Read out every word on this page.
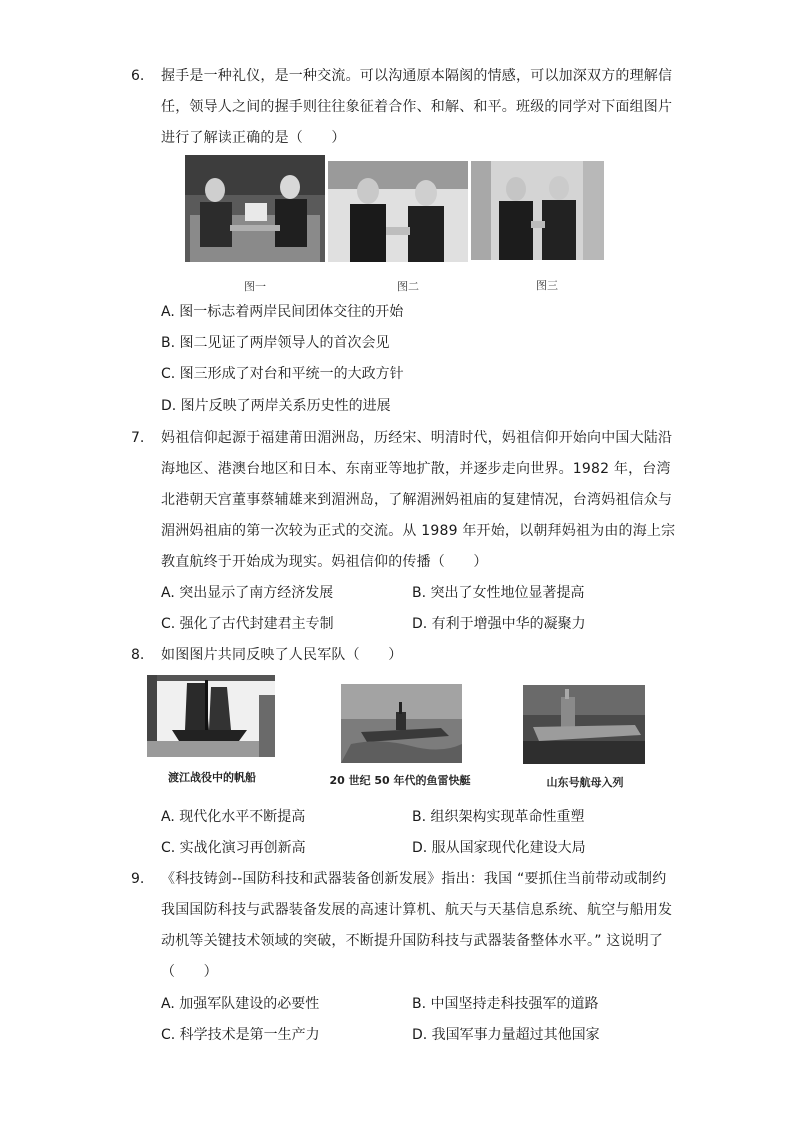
6. 握手是一种礼仪，是一种交流。可以沟通原本隔阂的情感，可以加深双方的理解信
任，领导人之间的握手则往往象征着合作、和解、和平。班级的同学对下面组图片
进行了解读正确的是（　　）
图一	图二	图三
A. 图一标志着两岸民间团体交往的开始
B. 图二见证了两岸领导人的首次会见
C. 图三形成了对台和平统一的大政方针
D. 图片反映了两岸关系历史性的进展
7. 妈祖信仰起源于福建莆田湄洲岛，历经宋、明清时代，妈祖信仰开始向中国大陆沿
海地区、港澳台地区和日本、东南亚等地扩散，并逐步走向世界。1982 年，台湾
北港朝天宫董事蔡辅雄来到湄洲岛，了解湄洲妈祖庙的复建情况，台湾妈祖信众与
湄洲妈祖庙的第一次较为正式的交流。从 1989 年开始，以朝拜妈祖为由的海上宗
教直航终于开始成为现实。妈祖信仰的传播（　　）
A. 突出显示了南方经济发展	B. 突出了女性地位显著提高
C. 强化了古代封建君主专制	D. 有利于增强中华的凝聚力
8. 如图图片共同反映了人民军队（　　）
渡江战役中的帆船	20 世纪 50 年代的鱼雷快艇	山东号航母入列
A. 现代化水平不断提高	B. 组织架构实现革命性重塑
C. 实战化演习再创新高	D. 服从国家现代化建设大局
9. 《科技铸剑--国防科技和武器装备创新发展》指出：我国 “要抓住当前带动或制约
我国国防科技与武器装备发展的高速计算机、航天与天基信息系统、航空与船用发
动机等关键技术领域的突破，不断提升国防科技与武器装备整体水平。” 这说明了
（　　）
A. 加强军队建设的必要性	B. 中国坚持走科技强军的道路
C. 科学技术是第一生产力	D. 我国军事力量超过其他国家
